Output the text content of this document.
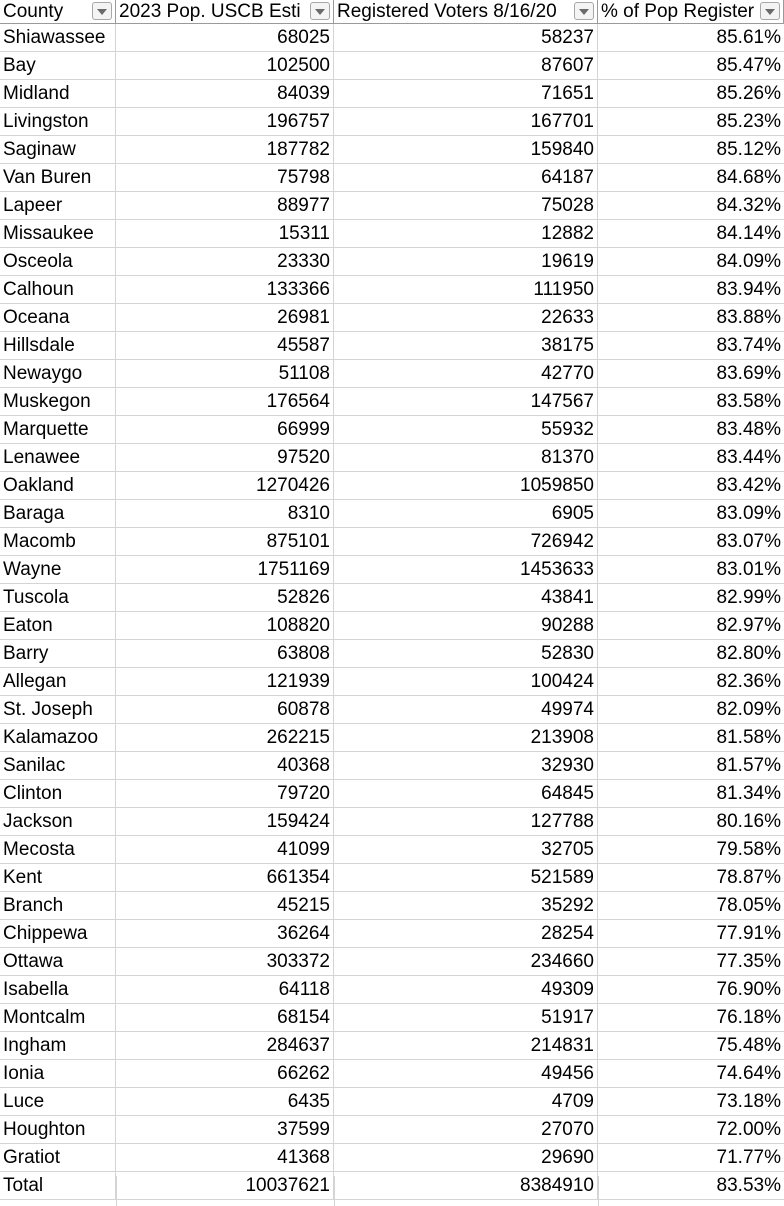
County	2023 Pop. USCB Esti	Registered Voters 8/16/20	% of Pop Register
Shiawassee	68025	58237	85.61%
Bay	102500	87607	85.47%
Midland	84039	71651	85.26%
Livingston	196757	167701	85.23%
Saginaw	187782	159840	85.12%
Van Buren	75798	64187	84.68%
Lapeer	88977	75028	84.32%
Missaukee	15311	12882	84.14%
Osceola	23330	19619	84.09%
Calhoun	133366	111950	83.94%
Oceana	26981	22633	83.88%
Hillsdale	45587	38175	83.74%
Newaygo	51108	42770	83.69%
Muskegon	176564	147567	83.58%
Marquette	66999	55932	83.48%
Lenawee	97520	81370	83.44%
Oakland	1270426	1059850	83.42%
Baraga	8310	6905	83.09%
Macomb	875101	726942	83.07%
Wayne	1751169	1453633	83.01%
Tuscola	52826	43841	82.99%
Eaton	108820	90288	82.97%
Barry	63808	52830	82.80%
Allegan	121939	100424	82.36%
St. Joseph	60878	49974	82.09%
Kalamazoo	262215	213908	81.58%
Sanilac	40368	32930	81.57%
Clinton	79720	64845	81.34%
Jackson	159424	127788	80.16%
Mecosta	41099	32705	79.58%
Kent	661354	521589	78.87%
Branch	45215	35292	78.05%
Chippewa	36264	28254	77.91%
Ottawa	303372	234660	77.35%
Isabella	64118	49309	76.90%
Montcalm	68154	51917	76.18%
Ingham	284637	214831	75.48%
Ionia	66262	49456	74.64%
Luce	6435	4709	73.18%
Houghton	37599	27070	72.00%
Gratiot	41368	29690	71.77%
Total	10037621	8384910	83.53%
